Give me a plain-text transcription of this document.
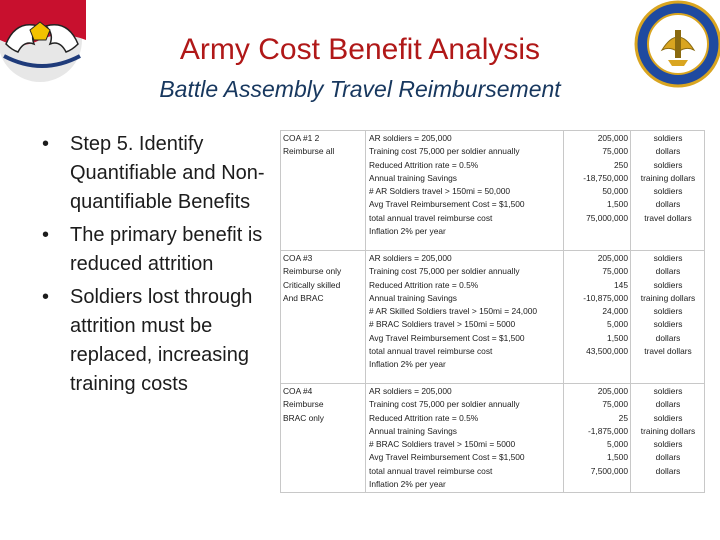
Army Cost Benefit Analysis
Battle Assembly Travel Reimbursement
• Step 5. Identify Quantifiable and Non-quantifiable Benefits
• The primary benefit is reduced attrition
• Soldiers lost through attrition must be replaced, increasing training costs
COA #1 2
Reimburse all
AR soldiers = 205,000
Training cost 75,000 per soldier annually
Reduced Attrition rate = 0.5%
Annual training Savings
# AR Soldiers travel > 150mi = 50,000
Avg Travel Reimbursement Cost = $1,500
total annual travel reimburse cost
Inflation 2% per year
205,000
75,000
250
-18,750,000
50,000
1,500
75,000,000
soldiers
dollars
soldiers
training dollars
soldiers
dollars
travel dollars
COA #3
Reimburse only
Critically skilled
And BRAC
AR soldiers = 205,000
Training cost 75,000 per soldier annually
Reduced Attrition rate = 0.5%
Annual training Savings
# AR Skilled Soldiers travel > 150mi = 24,000
# BRAC Soldiers travel > 150mi = 5000
Avg Travel Reimbursement Cost = $1,500
total annual travel reimburse cost
Inflation 2% per year
205,000
75,000
145
-10,875,000
24,000
5,000
1,500
43,500,000
soldiers
dollars
soldiers
training dollars
soldiers
soldiers
dollars
travel dollars
COA #4
Reimburse
BRAC only
AR soldiers = 205,000
Training cost 75,000 per soldier annually
Reduced Attrition rate = 0.5%
Annual training Savings
# BRAC Soldiers travel > 150mi = 5000
Avg Travel Reimbursement Cost = $1,500
total annual travel reimburse cost
Inflation 2% per year
205,000
75,000
25
-1,875,000
5,000
1,500
7,500,000
soldiers
dollars
soldiers
training dollars
soldiers
dollars
dollars
